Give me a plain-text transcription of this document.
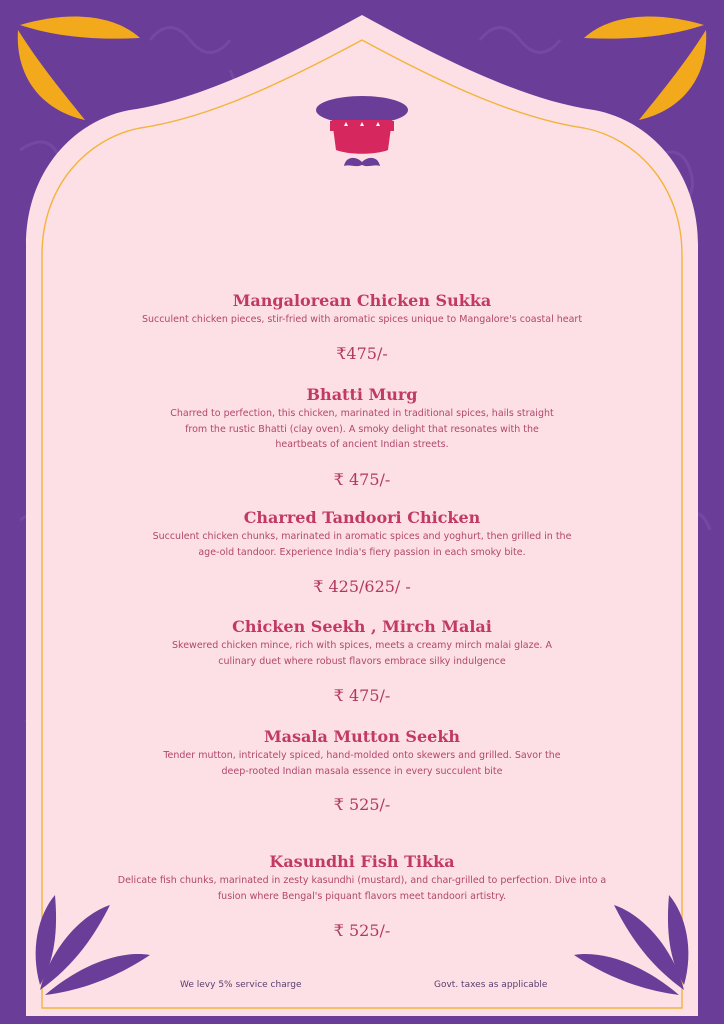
Mangalorean Chicken Sukka

Succulent chicken pieces, stir-fried with aromatic spices unique to Mangalore's coastal heart

₹475/-

Bhatti Murg

Charred to perfection, this chicken, marinated in traditional spices, hails straight from the rustic Bhatti (clay oven). A smoky delight that resonates with the heartbeats of ancient Indian streets.

₹ 475/-

Charred Tandoori Chicken

Succulent chicken chunks, marinated in aromatic spices and yoghurt, then grilled in the age-old tandoor. Experience India's fiery passion in each smoky bite.

₹ 425/625/ -

Chicken Seekh , Mirch Malai

Skewered chicken mince, rich with spices, meets a creamy mirch malai glaze. A culinary duet where robust flavors embrace silky indulgence

₹ 475/-

Masala Mutton Seekh

Tender mutton, intricately spiced, hand-molded onto skewers and grilled. Savor the deep-rooted Indian masala essence in every succulent bite

₹ 525/-

Kasundhi Fish Tikka

Delicate fish chunks, marinated in zesty kasundhi (mustard), and char-grilled to perfection. Dive into a fusion where Bengal's piquant flavors meet tandoori artistry.

₹ 525/-
We levy 5% service charge	Govt. taxes as applicable
